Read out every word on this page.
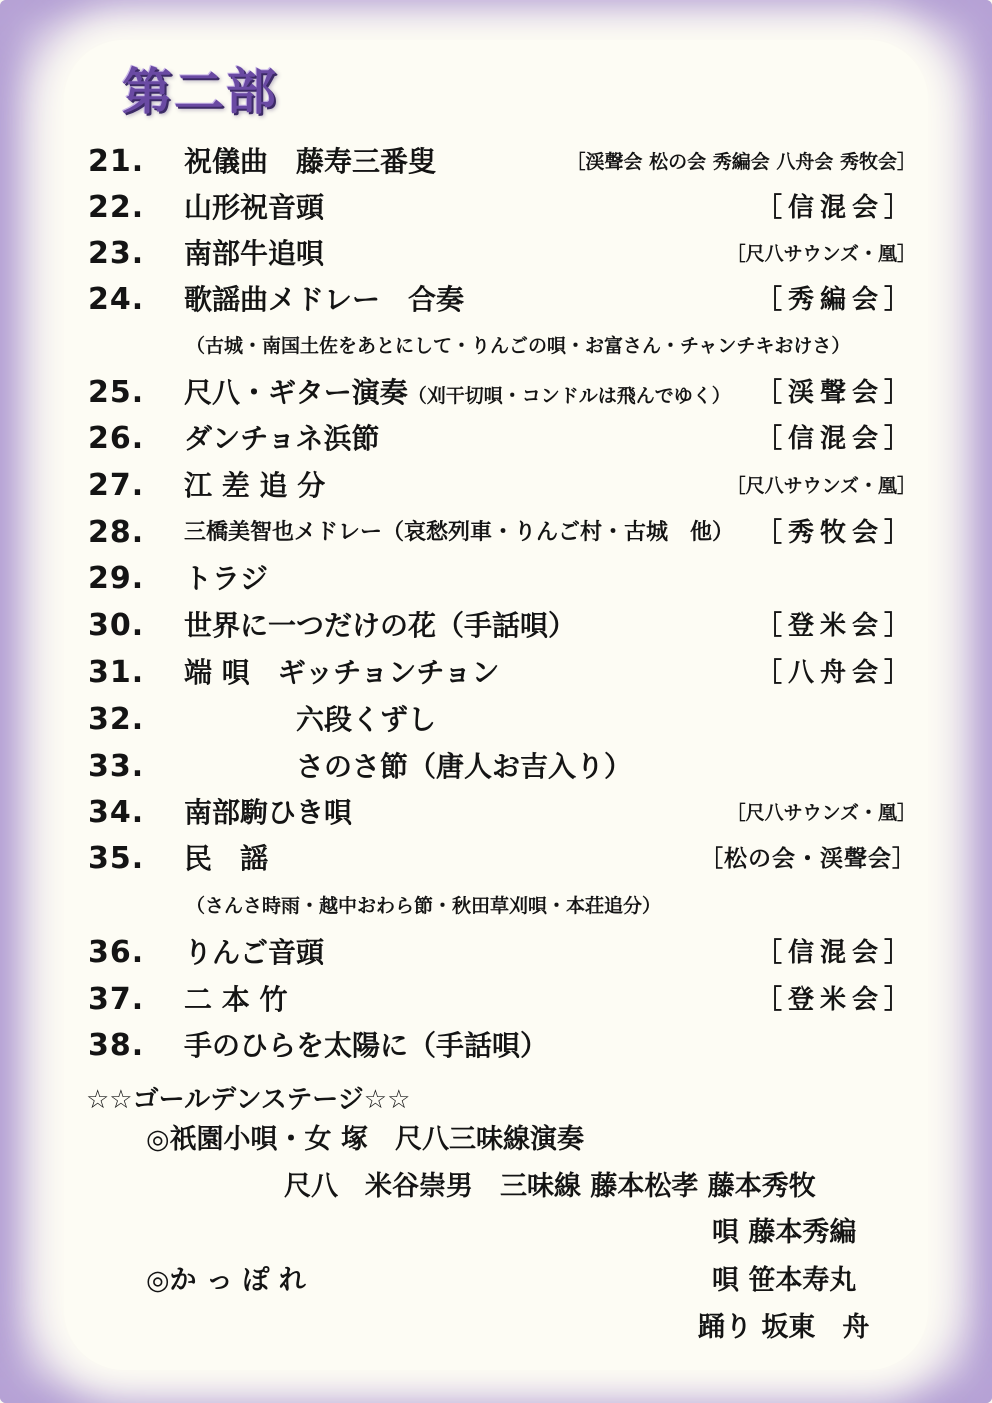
第二部
21. 祝儀曲　藤寿三番叟	［渓聲会 松の会 秀編会 八舟会 秀牧会］
22. 山形祝音頭	［信混会］
23. 南部牛追唄	［尺八サウンズ・凰］
24. 歌謡曲メドレー　合奏	［秀編会］
（古城・南国土佐をあとにして・りんごの唄・お富さん・チャンチキおけさ）
25. 尺八・ギター演奏（刈干切唄・コンドルは飛んでゆく） ［渓聲会］
26. ダンチョネ浜節	［信混会］
27. 江 差 追 分	［尺八サウンズ・凰］
28. 三橋美智也メドレー（哀愁列車・りんご村・古城　他） ［秀牧会］
29. トラジ
30. 世界に一つだけの花（手話唄）	［登米会］
31. 端 唄　ギッチョンチョン	［八舟会］
32.	六段くずし
33.	さのさ節（唐人お吉入り）
34. 南部駒ひき唄	［尺八サウンズ・凰］
35. 民　謡	［松の会・渓聲会］
（さんさ時雨・越中おわら節・秋田草刈唄・本荘追分）
36. りんご音頭	［信混会］
37. 二 本 竹	［登米会］
38. 手のひらを太陽に（手話唄）
☆☆ゴールデンステージ☆☆
◎祇園小唄・女 塚　尺八三味線演奏
尺八　米谷崇男　三味線 藤本松孝 藤本秀牧
唄 藤本秀編
◎か っ ぽ れ	唄 笹本寿丸
踊り 坂東　舟
